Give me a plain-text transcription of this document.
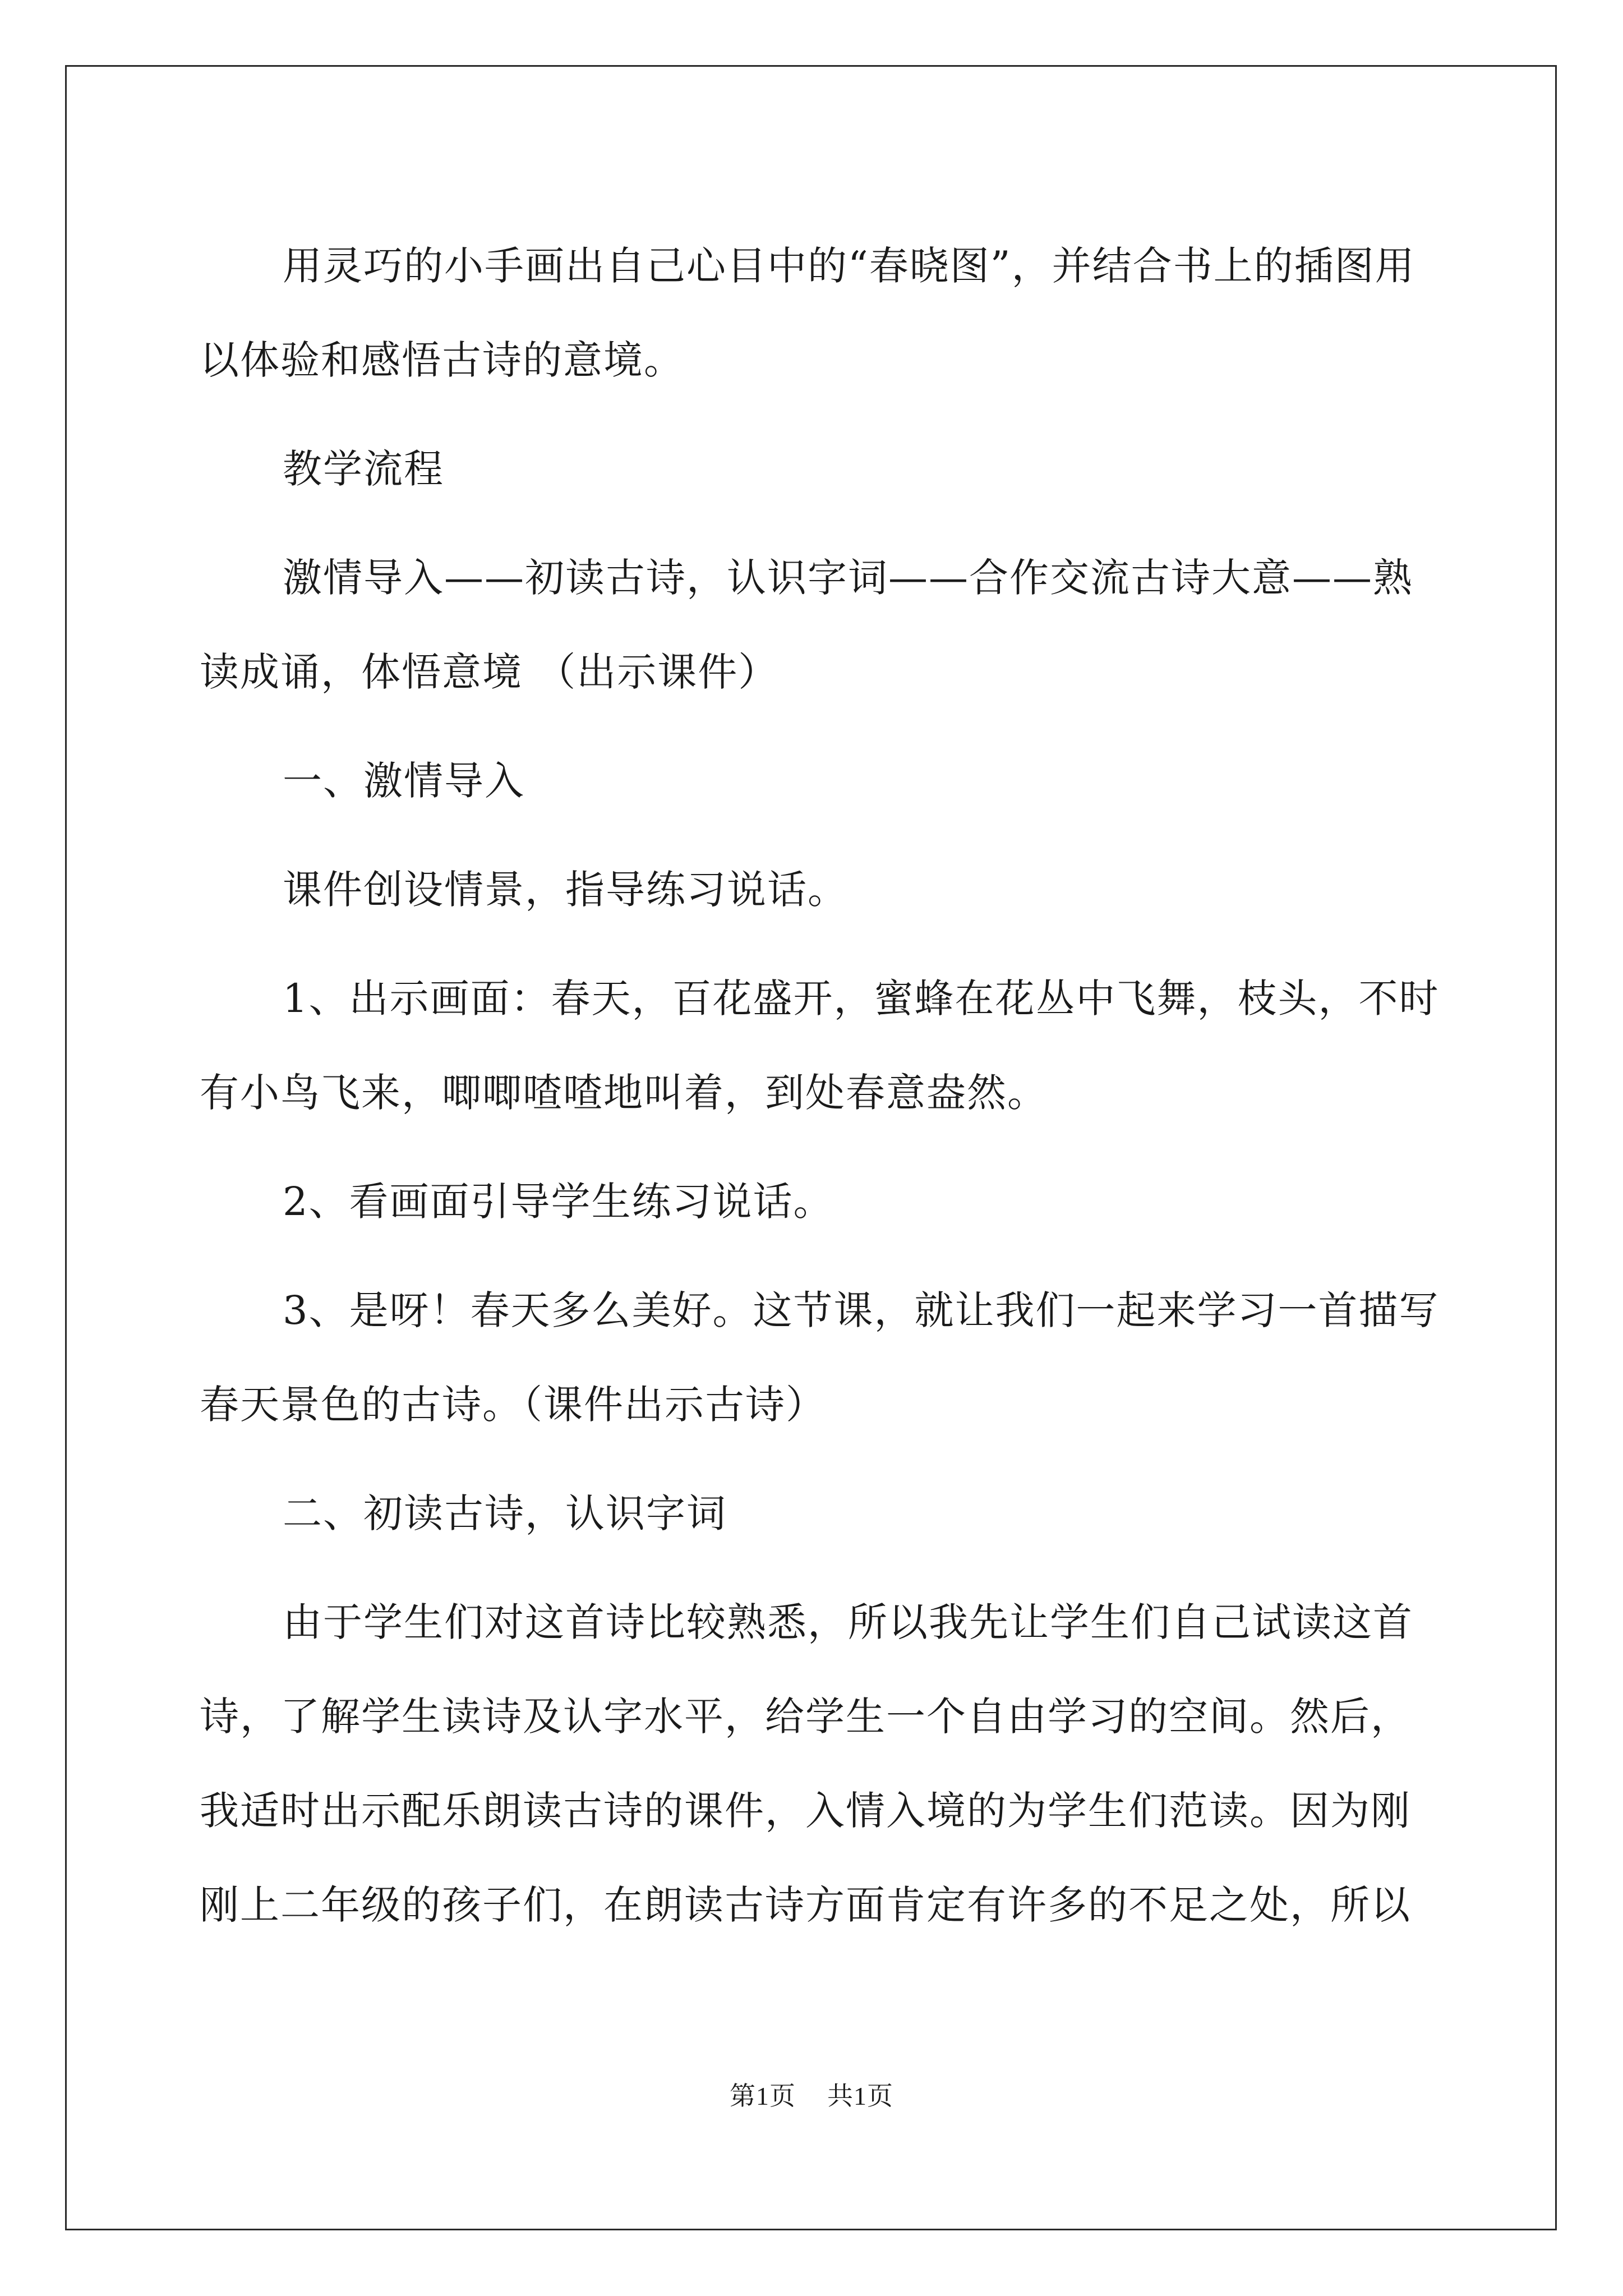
用灵巧的小手画出自己心目中的“春晓图”，并结合书上的插图用
以体验和感悟古诗的意境。

教学流程

激情导入——初读古诗，认识字词——合作交流古诗大意——熟
读成诵，体悟意境 （出示课件）

一、激情导入

课件创设情景，指导练习说话。

1、出示画面：春天，百花盛开，蜜蜂在花丛中飞舞，枝头，不时
有小鸟飞来，唧唧喳喳地叫着，到处春意盎然。

2、看画面引导学生练习说话。

3、是呀！春天多么美好。这节课，就让我们一起来学习一首描写
春天景色的古诗。（课件出示古诗）

二、初读古诗，认识字词

由于学生们对这首诗比较熟悉，所以我先让学生们自己试读这首
诗，了解学生读诗及认字水平，给学生一个自由学习的空间。然后，
我适时出示配乐朗读古诗的课件，入情入境的为学生们范读。因为刚
刚上二年级的孩子们，在朗读古诗方面肯定有许多的不足之处，所以

第1页 共1页
